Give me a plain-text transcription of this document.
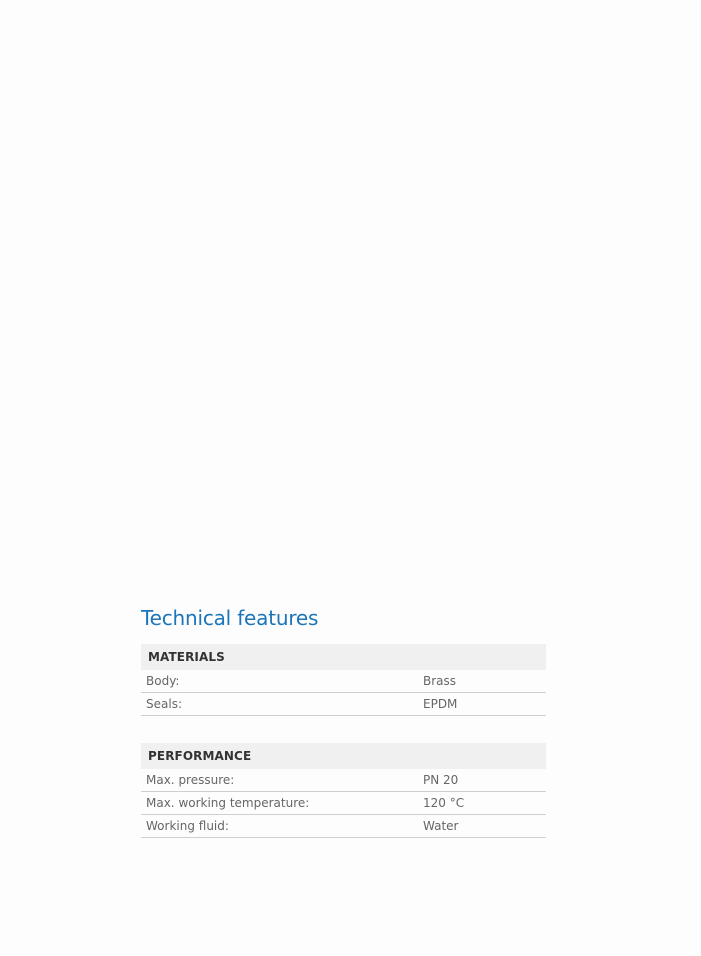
Technical features
MATERIALS
Body:	Brass
Seals:	EPDM
PERFORMANCE
Max. pressure:	PN 20
Max. working temperature:	120 °C
Working fluid:	Water
